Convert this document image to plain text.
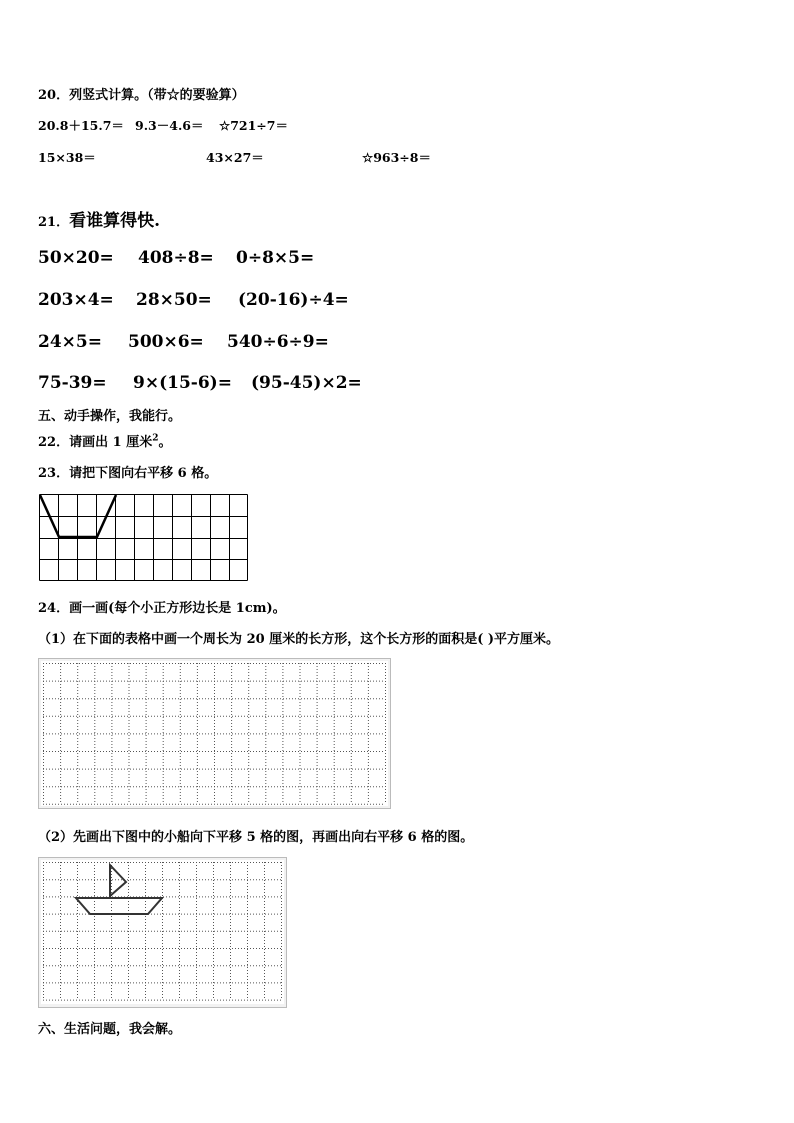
20．列竖式计算。（带☆的要验算）
20.8＋15.7＝ 9.3－4.6＝ ☆721÷7＝
15×38＝	43×27＝	☆963÷8＝
21．看谁算得快.
50×20= 408÷8= 0÷8×5=
203×4= 28×50= (20-16)÷4=
24×5= 500×6= 540÷6÷9=
75-39= 9×(15-6)= (95-45)×2=
五、动手操作，我能行。
22．请画出 1 厘米$^2$。
23．请把下图向右平移 6 格。
24．画一画(每个小正方形边长是 1cm)。
（1）在下面的表格中画一个周长为 20 厘米的长方形，这个长方形的面积是( )平方厘米。
（2）先画出下图中的小船向下平移 5 格的图，再画出向右平移 6 格的图。
六、生活问题，我会解。
